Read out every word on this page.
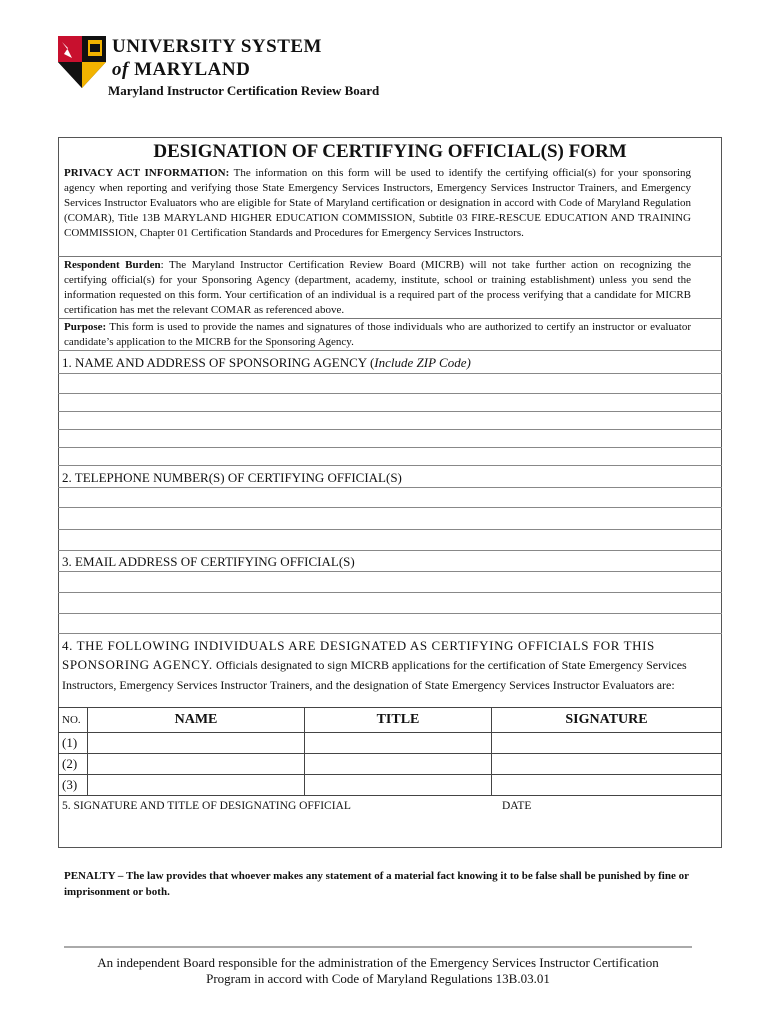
UNIVERSITY SYSTEM
of MARYLAND
Maryland Instructor Certification Review Board
DESIGNATION OF CERTIFYING OFFICIAL(S) FORM
PRIVACY ACT INFORMATION: The information on this form will be used to identify the certifying official(s) for your sponsoring agency when reporting and verifying those State Emergency Services Instructors, Emergency Services Instructor Trainers, and Emergency Services Instructor Evaluators who are eligible for State of Maryland certification or designation in accord with Code of Maryland Regulation (COMAR), Title 13B MARYLAND HIGHER EDUCATION COMMISSION, Subtitle 03 FIRE-RESCUE EDUCATION AND TRAINING COMMISSION, Chapter 01 Certification Standards and Procedures for Emergency Services Instructors.
Respondent Burden: The Maryland Instructor Certification Review Board (MICRB) will not take further action on recognizing the certifying official(s) for your Sponsoring Agency (department, academy, institute, school or training establishment) unless you send the information requested on this form. Your certification of an individual is a required part of the process verifying that a candidate for MICRB certification has met the relevant COMAR as referenced above.
Purpose: This form is used to provide the names and signatures of those individuals who are authorized to certify an instructor or evaluator candidate’s application to the MICRB for the Sponsoring Agency.
1. NAME AND ADDRESS OF SPONSORING AGENCY (Include ZIP Code)
2. TELEPHONE NUMBER(S) OF CERTIFYING OFFICIAL(S)
3. EMAIL ADDRESS OF CERTIFYING OFFICIAL(S)
4. THE FOLLOWING INDIVIDUALS ARE DESIGNATED AS CERTIFYING OFFICIALS FOR THIS SPONSORING AGENCY. Officials designated to sign MICRB applications for the certification of State Emergency Services Instructors, Emergency Services Instructor Trainers, and the designation of State Emergency Services Instructor Evaluators are:
NO.	NAME	TITLE	SIGNATURE
(1)			
(2)			
(3)			
5. SIGNATURE AND TITLE OF DESIGNATING OFFICIAL	DATE
PENALTY – The law provides that whoever makes any statement of a material fact knowing it to be false shall be punished by fine or imprisonment or both.
An independent Board responsible for the administration of the Emergency Services Instructor Certification
Program in accord with Code of Maryland Regulations 13B.03.01
